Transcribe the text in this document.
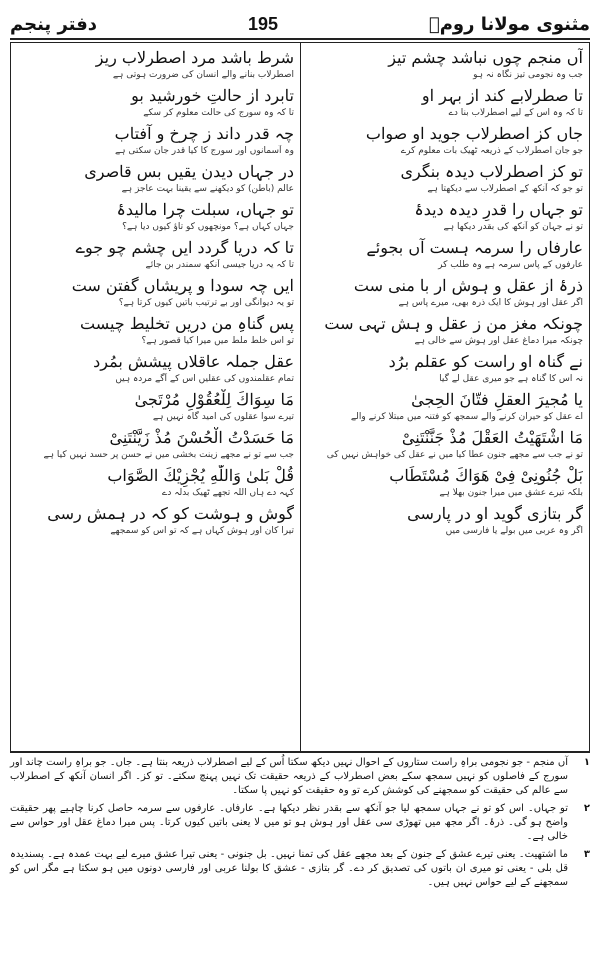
دفتر پنجم	195	مثنوی مولانا رومؒ
آں منجم چوں نباشد چشم تیز
جب وہ نجومی تیز نگاہ نہ ہو
تا صطرلابے کند از بہر او
تا کہ وہ اس کے لیے اصطرلاب بنا دے
جاں کز اصطرلاب جوید او صواب
جو جان اصطرلاب کے ذریعہ ٹھیک بات معلوم کرے
تو کز اصطرلاب دیدہ بنگری
تو جو کہ آنکھ کے اصطرلاب سے دیکھتا ہے
تو جہاں را قدرِ دیدہ دیدۂ
تو نے جہان کو آنکھ کی بقدر دیکھا ہے
عارفاں را سرمہ ہست آں بجوئے
عارفوں کے پاس سرمہ ہے وہ طلب کر
ذرۂ از عقل و ہوش ار با منی ست
اگر عقل اور ہوش کا ایک ذرہ بھی، میرے پاس ہے
چونکہ مغز من ز عقل و ہش تہی ست
چونکہ میرا دماغ عقل اور ہوش سے خالی ہے
نے گناہ او راست کو عقلم برُد
نہ اس کا گناہ ہے جو میری عقل لے گیا
یا مُجیرَ العقلِ فتّانَ الحِجیٰ
اے عقل کو حیران کرنے والے سمجھ کو فتنہ میں مبتلا کرنے والے
مَا اشْتَهَیْتُ العَقْلَ مُذْ جَنَّنْتَنِیْ
تو نے جب سے مجھے جنون عطا کیا میں نے عقل کی خواہش نہیں کی
بَلْ جُنُونِیْ فِیْ هَوَاكَ مُسْتَطَاب
بلکہ تیرے عشق میں میرا جنون بھلا ہے
گر بتازی گوید او در پارسی
اگر وہ عربی میں بولے یا فارسی میں
شرط باشد مرد اصطرلاب ریز
اصطرلاب بنانے والے انسان کی ضرورت ہوتی ہے
تابرد از حالتِ خورشید بو
تا کہ وہ سورج کی حالت معلوم کر سکے
چہ قدر داند ز چرخ و آفتاب
وہ آسمانوں اور سورج کا کیا قدر جان سکتی ہے
در جہاں دیدن یقیں بس قاصری
عالم (باطن) کو دیکھنے سے یقینا بہت عاجز ہے
تو جہاں، سبلت چرا مالیدۂ
جہاں کہاں ہے؟ مونچھوں کو تاؤ کیوں دیا ہے؟
تا کہ دریا گردد ایں چشم چو جوے
تا کہ یہ دریا جیسی آنکھ سمندر بن جائے
ایں چہ سودا و پریشاں گفتن ست
تو یہ دیوانگی اور بے ترتیب باتیں کیوں کرتا ہے؟
پس گناہِ من دریں تخلیط چیست
تو اس خلط ملط میں میرا کیا قصور ہے؟
عقل جملہ عاقلاں پیشش بمُرد
تمام عقلمندوں کی عقلیں اس کے آگے مردہ ہیں
مَا سِوَاكَ لِلْعُقُوْلِ مُرْتَجیٰ
تیرے سوا عقلوں کی امید گاہ نہیں ہے
مَا حَسَدْتُ الْحُسْنَ مُذْ زَیَّنْتَنِیْ
جب سے تو نے مجھے زینت بخشی میں نے حسن پر حسد نہیں کیا ہے
قُلْ بَلیٰ وَاللّٰهِ یُجْزِیْكَ الصَّوَاب
کہہ دے ہاں اللہ تجھے ٹھیک بدلہ دے
گوش و ہوشت کو کہ در ہمش رسی
تیرا کان اور ہوش کہاں ہے کہ تو اس کو سمجھے
۱
آں منجم - جو نجومی براہِ راست ستاروں کے احوال نہیں دیکھ سکتا اُس کے لیے اصطرلاب ذریعہ بنتا ہے۔ جاں۔ جو براہِ راست چاند اور سورج کے فاصلوں کو نہیں سمجھ سکے بعض اصطرلاب کے ذریعہ حقیقت تک نہیں پہنچ سکتے۔ تو کز۔ اگر انسان آنکھ کے اصطرلاب سے عالم کی حقیقت کو سمجھنے کی کوشش کرے تو وہ حقیقت کو نہیں پا سکتا۔
۲
تو جہاں۔ اس کو تو نے جہاں سمجھ لیا جو آنکھ سے بقدر نظر دیکھا ہے۔ عارفاں۔ عارفوں سے سرمہ حاصل کرنا چاہیے پھر حقیقت واضح ہو گی۔ ذرۂ۔ اگر مجھ میں تھوڑی سی عقل اور ہوش ہو تو میں لا یعنی باتیں کیوں کرتا۔ پس میرا دماغ عقل اور حواس سے خالی ہے۔
۳
ما اشتهیت۔ یعنی تیرے عشق کے جنون کے بعد مجھے عقل کی تمنا نہیں۔ بل جنونی - یعنی تیرا عشق میرے لیے بہت عمدہ ہے۔ پسندیدہ قل بلی - یعنی تو میری ان باتوں کی تصدیق کر دے۔ گر بتازی - عشق کا بولنا عربی اور فارسی دونوں میں ہو سکتا ہے مگر اس کو سمجھنے کے لیے حواس نہیں ہیں۔
